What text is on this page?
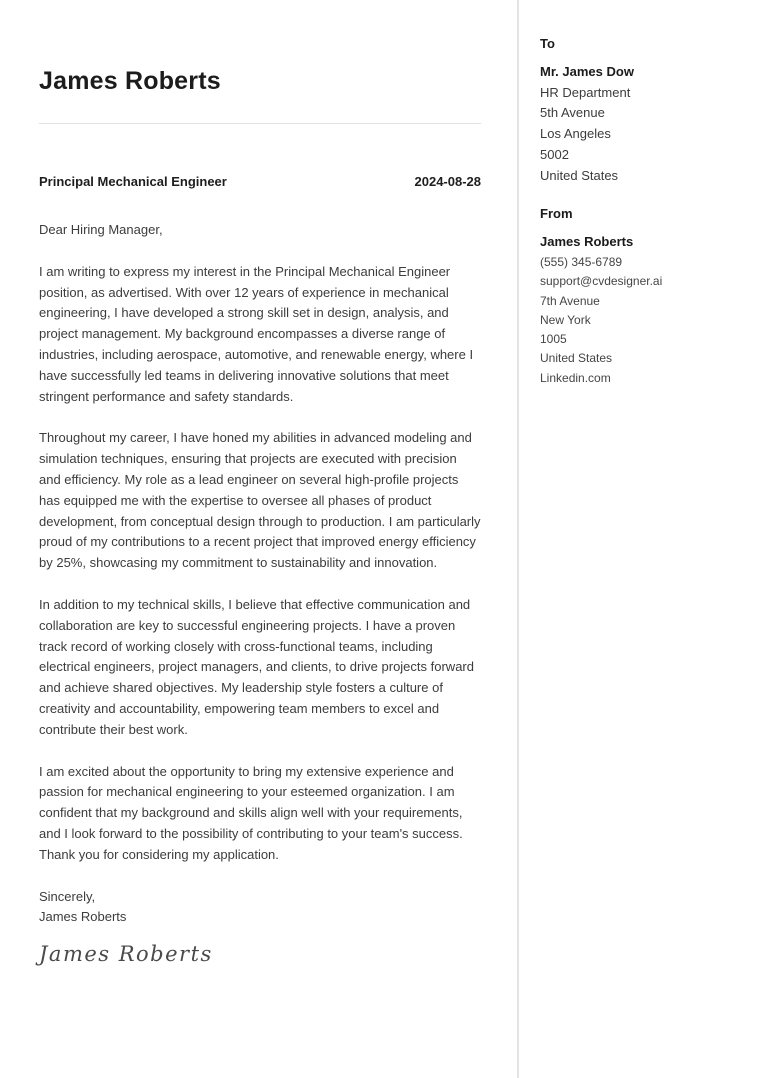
James Roberts
Principal Mechanical Engineer	2024-08-28

Dear Hiring Manager,

I am writing to express my interest in the Principal Mechanical Engineer position, as advertised. With over 12 years of experience in mechanical engineering, I have developed a strong skill set in design, analysis, and project management. My background encompasses a diverse range of industries, including aerospace, automotive, and renewable energy, where I have successfully led teams in delivering innovative solutions that meet stringent performance and safety standards.

Throughout my career, I have honed my abilities in advanced modeling and simulation techniques, ensuring that projects are executed with precision and efficiency. My role as a lead engineer on several high-profile projects has equipped me with the expertise to oversee all phases of product development, from conceptual design through to production. I am particularly proud of my contributions to a recent project that improved energy efficiency by 25%, showcasing my commitment to sustainability and innovation.

In addition to my technical skills, I believe that effective communication and collaboration are key to successful engineering projects. I have a proven track record of working closely with cross-functional teams, including electrical engineers, project managers, and clients, to drive projects forward and achieve shared objectives. My leadership style fosters a culture of creativity and accountability, empowering team members to excel and contribute their best work.

I am excited about the opportunity to bring my extensive experience and passion for mechanical engineering to your esteemed organization. I am confident that my background and skills align well with your requirements, and I look forward to the possibility of contributing to your team's success. Thank you for considering my application.

Sincerely,
James Roberts
James Roberts
To
Mr. James Dow
HR Department
5th Avenue
Los Angeles
5002
United States
From
James Roberts
(555) 345-6789
support@cvdesigner.ai
7th Avenue
New York
1005
United States
Linkedin.com
